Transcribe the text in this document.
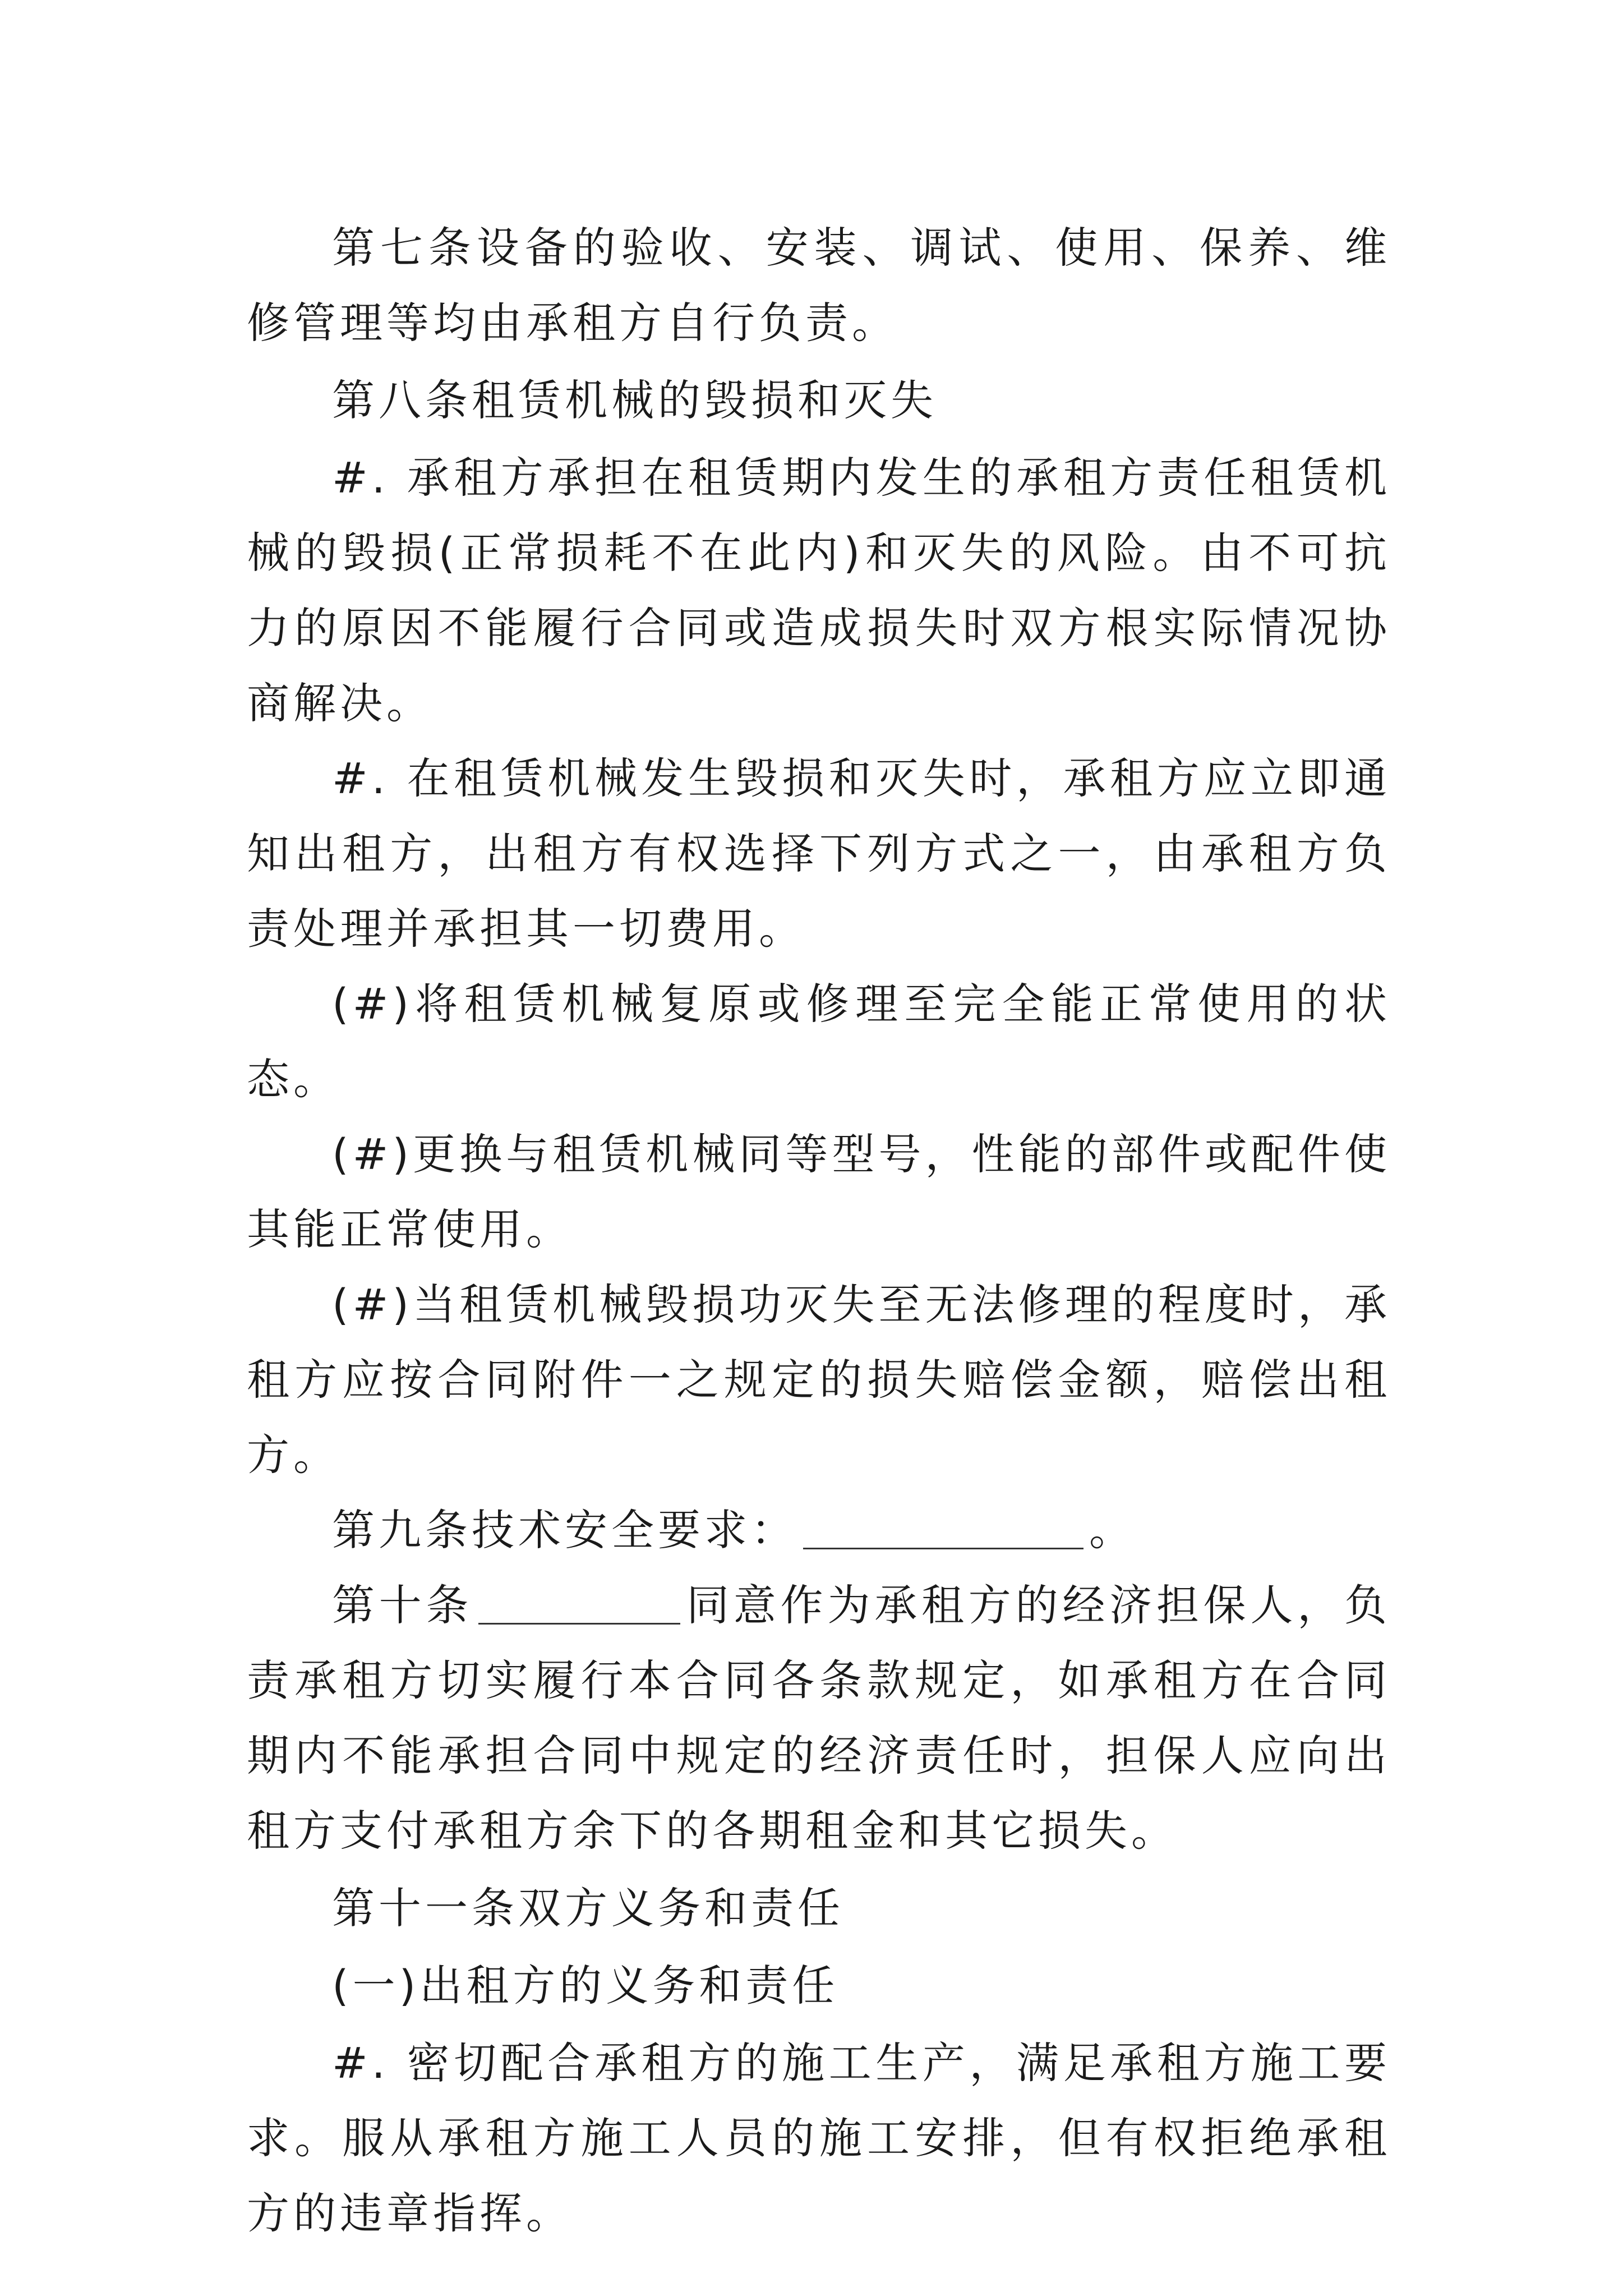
第七条设备的验收、安装、调试、使用、保养、维修管理等均由承租方自行负责。

第八条租赁机械的毁损和灭失

#. 承租方承担在租赁期内发生的承租方责任租赁机械的毁损(正常损耗不在此内)和灭失的风险。由不可抗力的原因不能履行合同或造成损失时双方根实际情况协商解决。

#. 在租赁机械发生毁损和灭失时，承租方应立即通知出租方，出租方有权选择下列方式之一，由承租方负责处理并承担其一切费用。

(#)将租赁机械复原或修理至完全能正常使用的状态。

(#)更换与租赁机械同等型号，性能的部件或配件使其能正常使用。

(#)当租赁机械毁损功灭失至无法修理的程度时，承租方应按合同附件一之规定的损失赔偿金额，赔偿出租方。

第九条技术安全要求：	。

第十条	同意作为承租方的经济担保人，负责承租方切实履行本合同各条款规定，如承租方在合同期内不能承担合同中规定的经济责任时，担保人应向出租方支付承租方余下的各期租金和其它损失。

第十一条双方义务和责任

(一)出租方的义务和责任

#. 密切配合承租方的施工生产，满足承租方施工要求。服从承租方施工人员的施工安排，但有权拒绝承租方的违章指挥。
